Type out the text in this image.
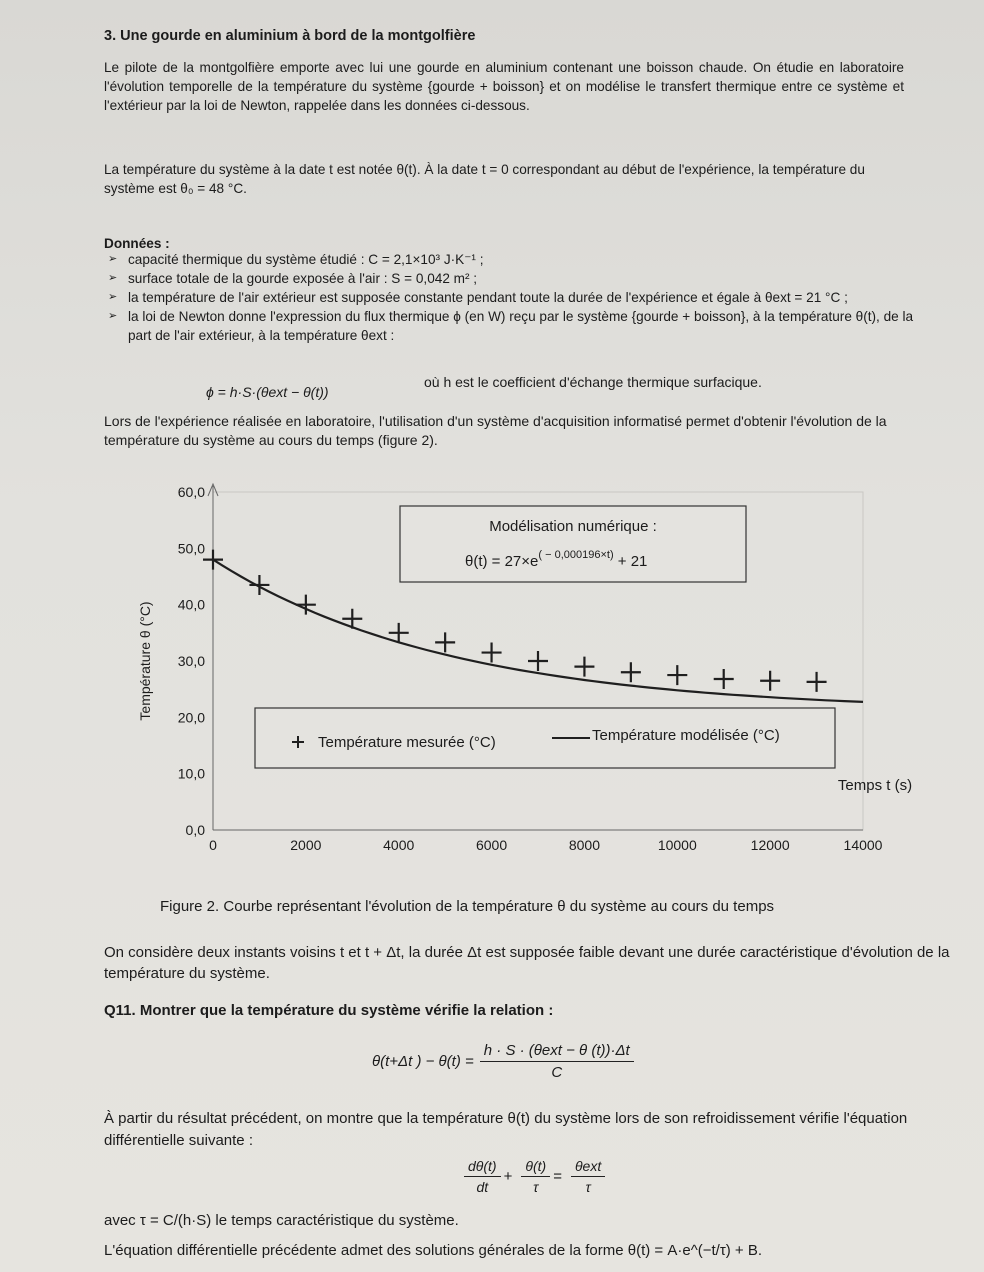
3. Une gourde en aluminium à bord de la montgolfière
Le pilote de la montgolfière emporte avec lui une gourde en aluminium contenant une boisson chaude. On étudie en laboratoire l'évolution temporelle de la température du système {gourde + boisson} et on modélise le transfert thermique entre ce système et l'extérieur par la loi de Newton, rappelée dans les données ci-dessous.
La température du système à la date t est notée θ(t). À la date t = 0 correspondant au début de l'expérience, la température du système est θ₀ = 48 °C.
Données :
➢ capacité thermique du système étudié : C = 2,1×10³ J·K⁻¹ ;
➢ surface totale de la gourde exposée à l'air : S = 0,042 m² ;
➢ la température de l'air extérieur est supposée constante pendant toute la durée de l'expérience et égale à θext = 21 °C ;
➢ la loi de Newton donne l'expression du flux thermique ϕ (en W) reçu par le système {gourde + boisson}, à la température θ(t), de la part de l'air extérieur, à la température θext :
ϕ = h·S·(θext − θ(t))
où h est le coefficient d'échange thermique surfacique.
Lors de l'expérience réalisée en laboratoire, l'utilisation d'un système d'acquisition informatisé permet d'obtenir l'évolution de la température du système au cours du temps (figure 2).
0,0
10,0
20,0
30,0
40,0
50,0
60,0
0	2000	4000	6000	8000	10000	12000	14000
Temps t (s)
Température θ (°C)
Modélisation numérique :
$\theta(t) = 27\times e^{( - 0,000196\times t)} + 21$
Température mesurée (°C)	Température modélisée (°C)
Figure 2. Courbe représentant l'évolution de la température θ du système au cours du temps
On considère deux instants voisins t et t + Δt, la durée Δt est supposée faible devant une durée caractéristique d'évolution de la température du système.
Q11. Montrer que la température du système vérifie la relation :
θ(t+Δt ) − $\theta(t) = \frac{\text{h · S · (θext − θ (t))·Δt}}{C}$
À partir du résultat précédent, on montre que la température θ(t) du système lors de son refroidissement vérifie l'équation différentielle suivante :
$\frac{d\theta(t)}{dt} + \frac{\theta(t)}{\tau} = \frac{\text{θext}}{\tau}$
avec τ = C/(h·S) le temps caractéristique du système.
L'équation différentielle précédente admet des solutions générales de la forme θ(t) = A·e^(−t/τ) + B.
